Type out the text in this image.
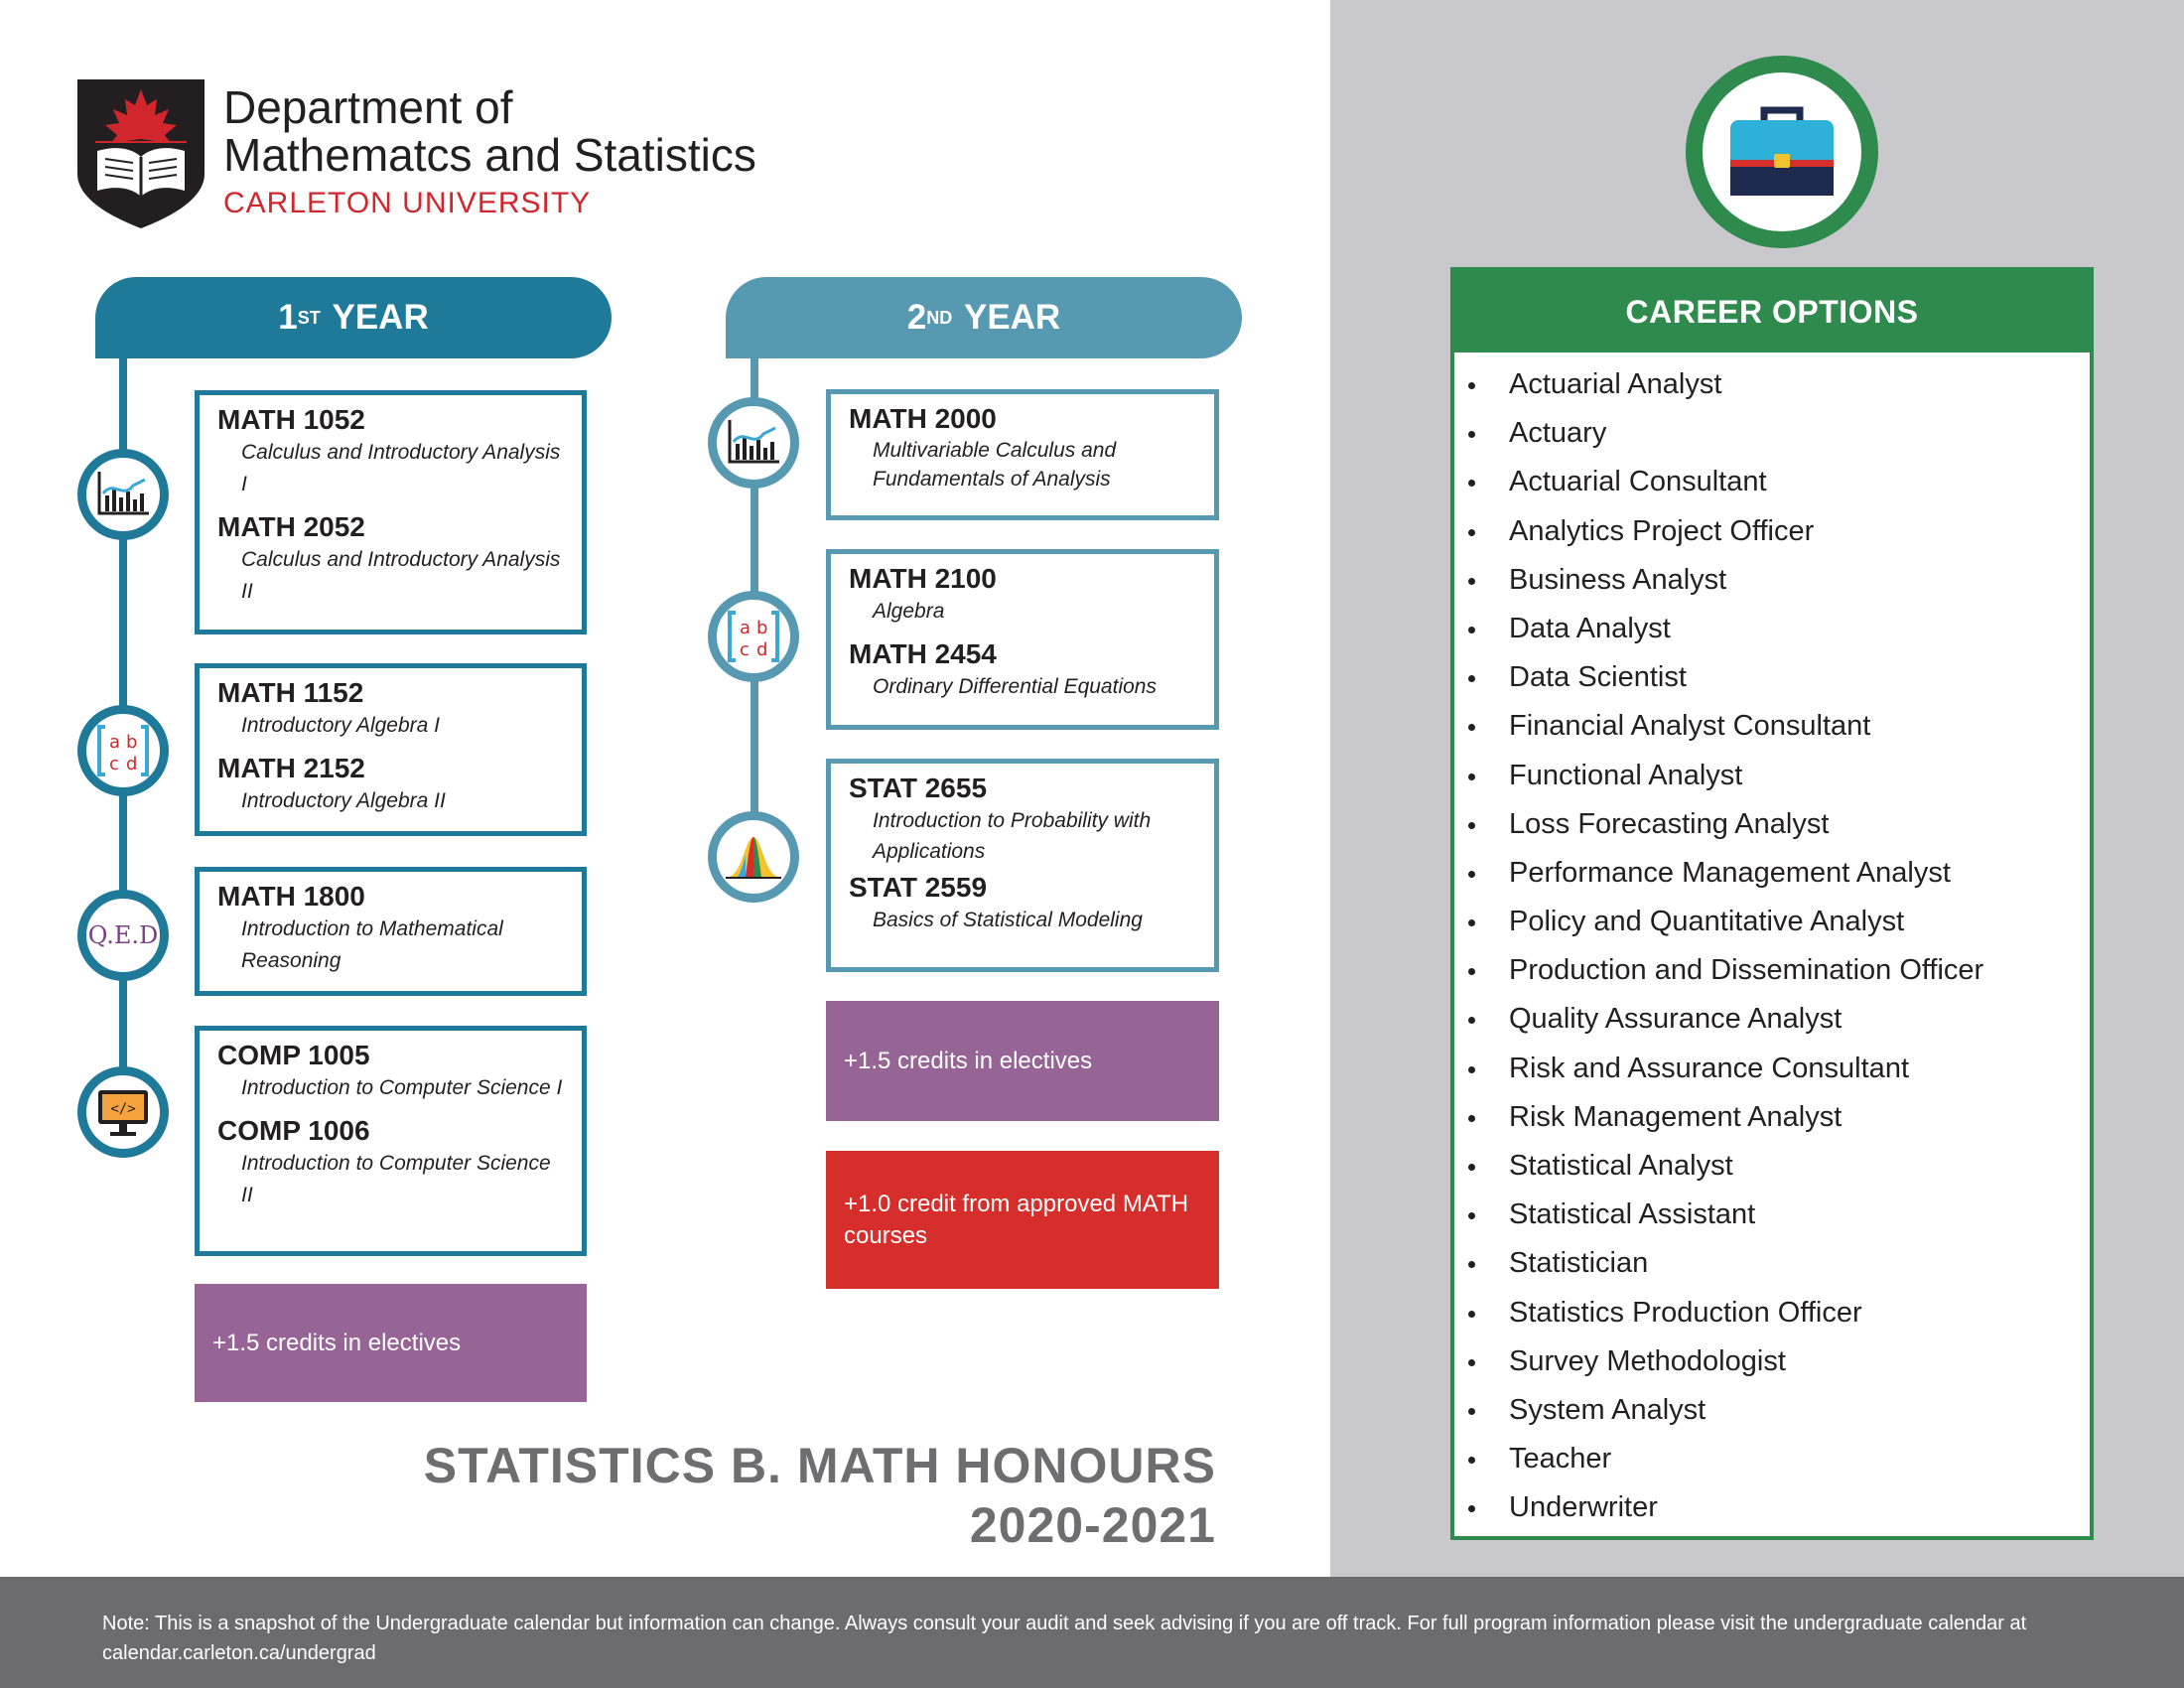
Department of
Mathematcs and Statistics
CARLETON UNIVERSITY
1 ST
YEAR	2 ND
YEAR
a b
c d
Q.E.D
</>
MATH 1052
Calculus and Introductory Analysis I
MATH 2052
Calculus and Introductory Analysis II
MATH 1152
Introductory Algebra I
MATH 2152
Introductory Algebra II
MATH 1800
Introduction to Mathematical Reasoning
COMP 1005
Introduction to Computer Science I
COMP 1006
Introduction to Computer Science II
+1.5 credits in electives
a b
c d
MATH 2000
Multivariable Calculus and Fundamentals of Analysis
MATH 2100
Algebra
MATH 2454
Ordinary Differential Equations
STAT 2655
Introduction to Probability with Applications
STAT 2559
Basics of Statistical Modeling
+1.5 credits in electives
+1.0 credit from approved MATH courses
STATISTICS B. MATH HONOURS
2020-2021
CAREER OPTIONS
Actuarial Analyst
Actuary
Actuarial Consultant
Analytics Project Officer
Business Analyst
Data Analyst
Data Scientist
Financial Analyst Consultant
Functional Analyst
Loss Forecasting Analyst
Performance Management Analyst
Policy and Quantitative Analyst
Production and Dissemination Officer
Quality Assurance Analyst
Risk and Assurance Consultant
Risk Management Analyst
Statistical Analyst
Statistical Assistant
Statistician
Statistics Production Officer
Survey Methodologist
System Analyst
Teacher
Underwriter
Note: This is a snapshot of the Undergraduate calendar but information can change. Always consult your audit and seek advising if you are off track. For full program information please visit the undergraduate calendar at calendar.carleton.ca/undergrad
